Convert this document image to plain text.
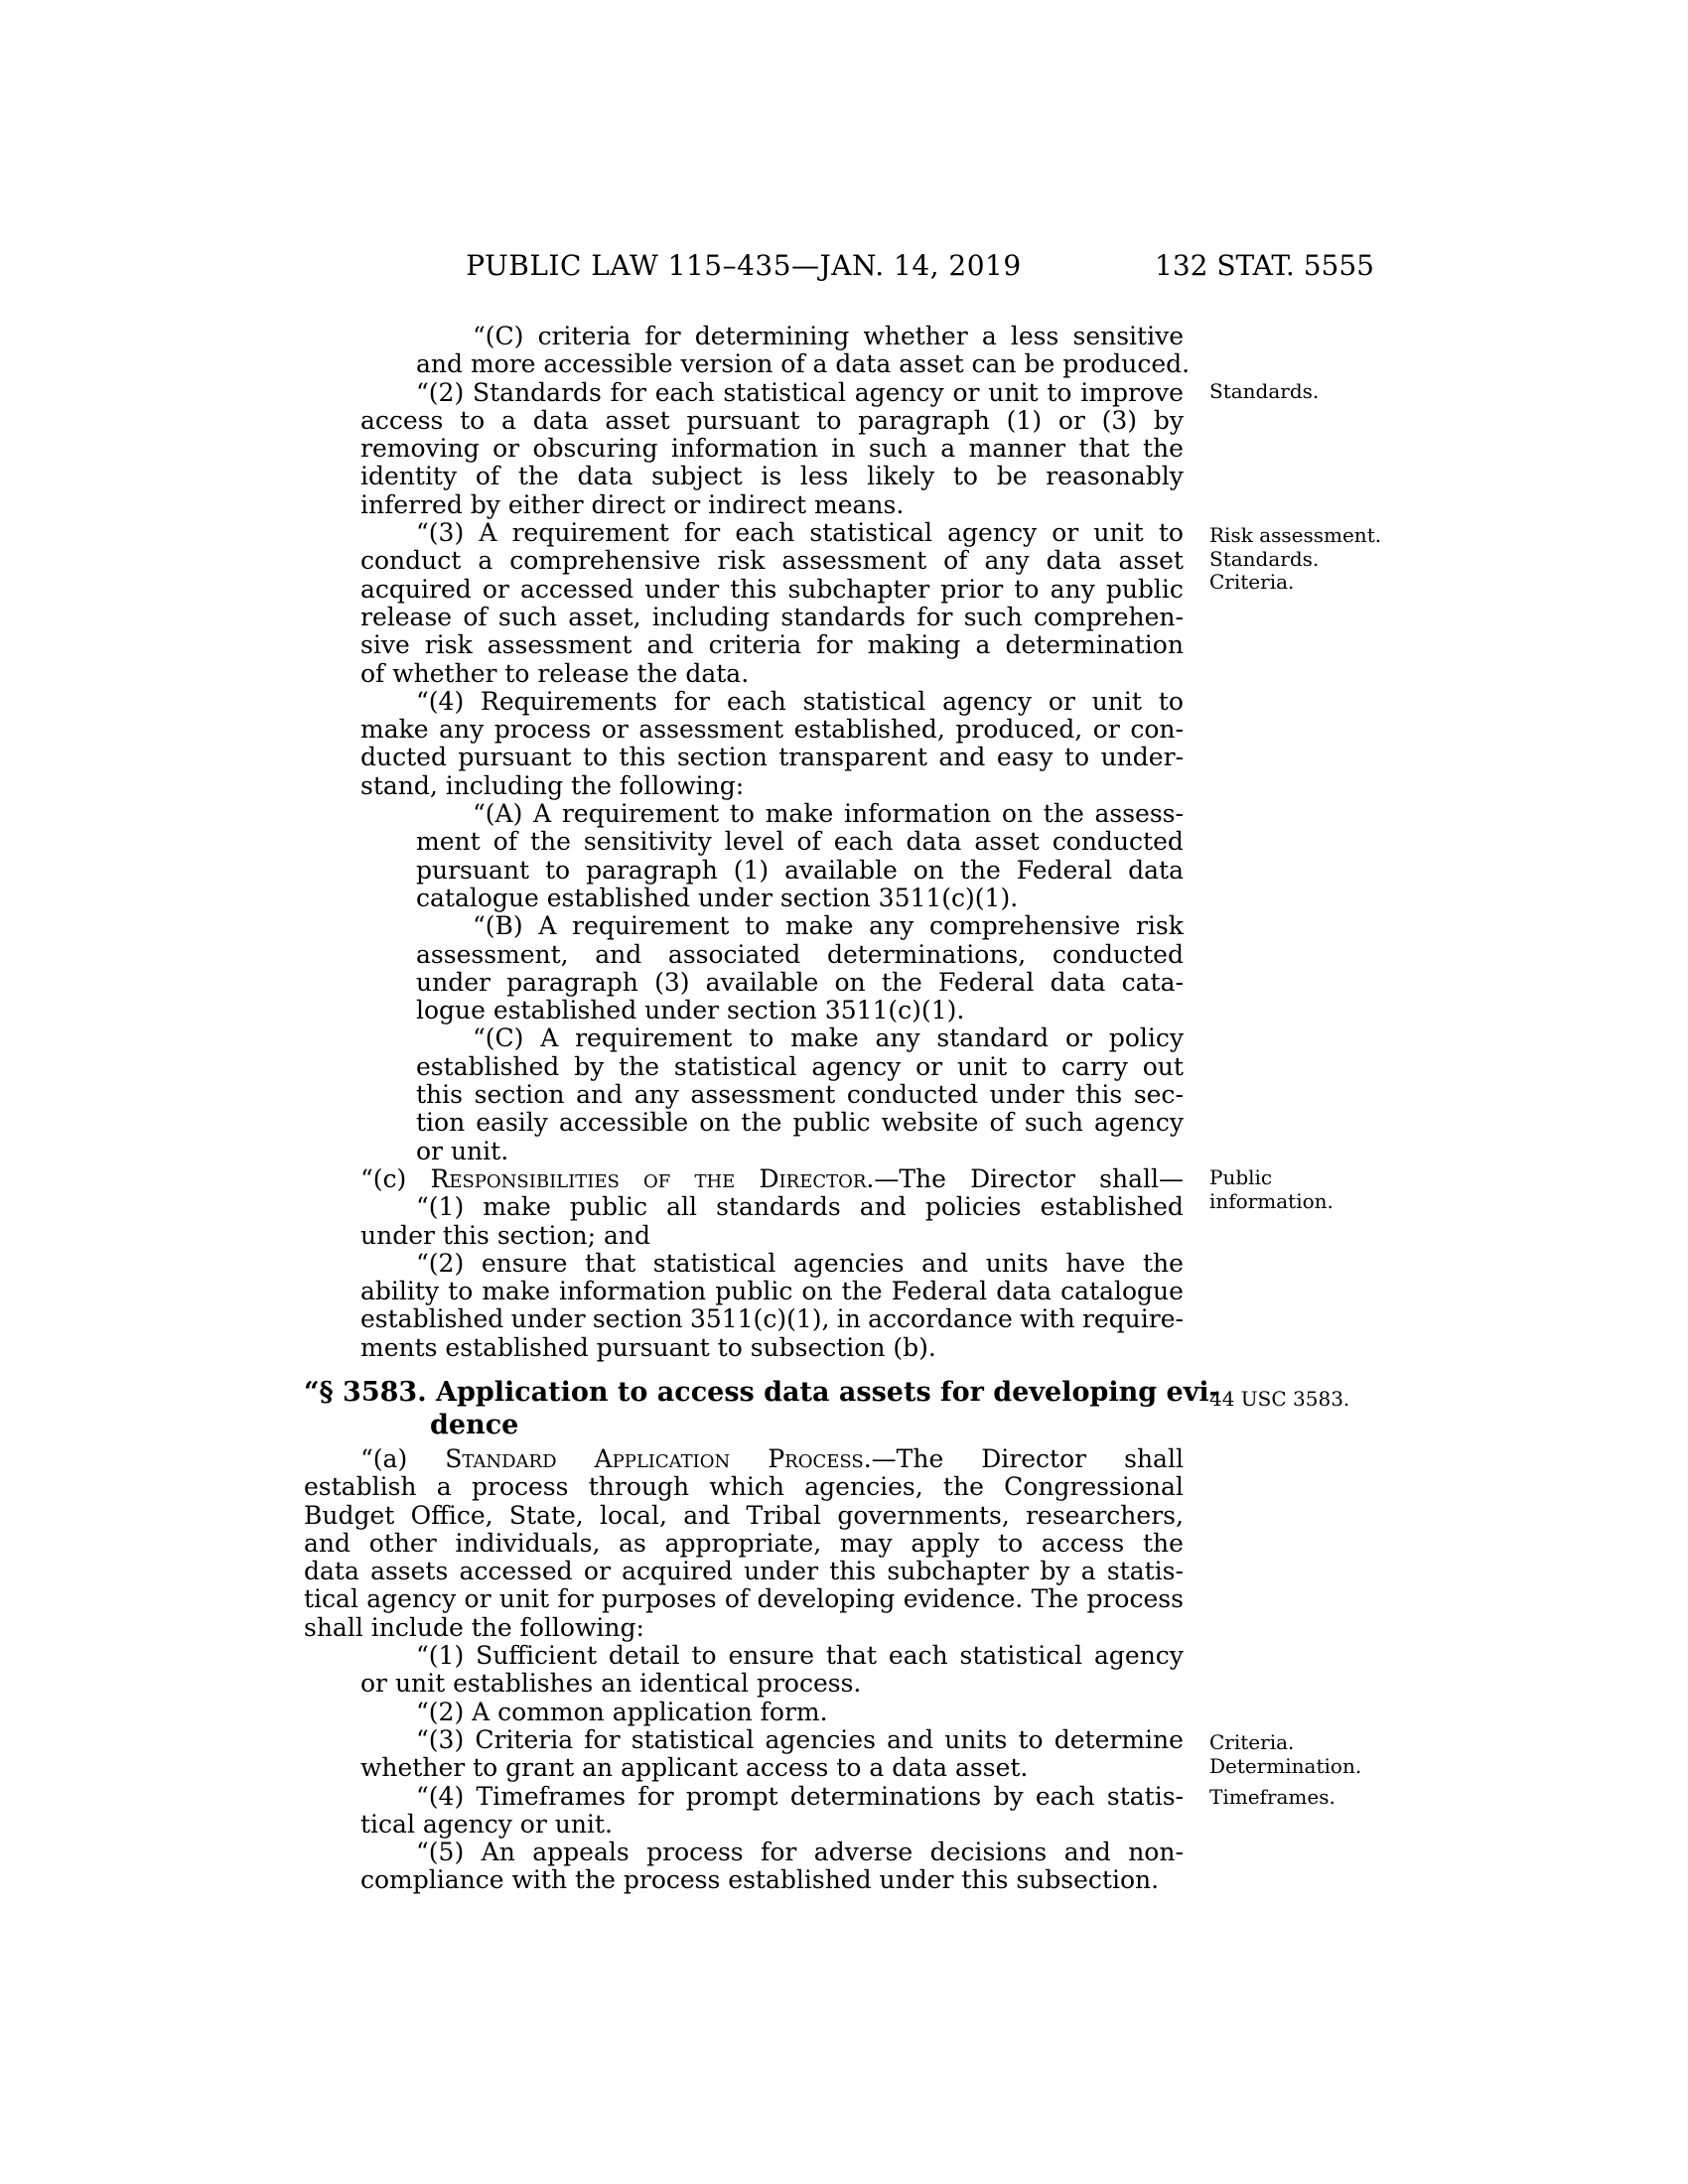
PUBLIC LAW 115–435—JAN. 14, 2019	132 STAT. 5555
“(C) criteria for determining whether a less sensitive
and more accessible version of a data asset can be produced.
“(2) Standards for each statistical agency or unit to improve
access to a data asset pursuant to paragraph (1) or (3) by
removing or obscuring information in such a manner that the
identity of the data subject is less likely to be reasonably
inferred by either direct or indirect means.
“(3) A requirement for each statistical agency or unit to
conduct a comprehensive risk assessment of any data asset
acquired or accessed under this subchapter prior to any public
release of such asset, including standards for such comprehen-
sive risk assessment and criteria for making a determination
of whether to release the data.
“(4) Requirements for each statistical agency or unit to
make any process or assessment established, produced, or con-
ducted pursuant to this section transparent and easy to under-
stand, including the following:
“(A) A requirement to make information on the assess-
ment of the sensitivity level of each data asset conducted
pursuant to paragraph (1) available on the Federal data
catalogue established under section 3511(c)(1).
“(B) A requirement to make any comprehensive risk
assessment, and associated determinations, conducted
under paragraph (3) available on the Federal data cata-
logue established under section 3511(c)(1).
“(C) A requirement to make any standard or policy
established by the statistical agency or unit to carry out
this section and any assessment conducted under this sec-
tion easily accessible on the public website of such agency
or unit.
“(c) Responsibilities of the Director.—The Director shall—
“(1) make public all standards and policies established
under this section; and
“(2) ensure that statistical agencies and units have the
ability to make information public on the Federal data catalogue
established under section 3511(c)(1), in accordance with require-
ments established pursuant to subsection (b).
“§ 3583. Application to access data assets for developing evi-
dence
“(a) Standard Application Process.—The Director shall
establish a process through which agencies, the Congressional
Budget Office, State, local, and Tribal governments, researchers,
and other individuals, as appropriate, may apply to access the
data assets accessed or acquired under this subchapter by a statis-
tical agency or unit for purposes of developing evidence. The process
shall include the following:
“(1) Sufficient detail to ensure that each statistical agency
or unit establishes an identical process.
“(2) A common application form.
“(3) Criteria for statistical agencies and units to determine
whether to grant an applicant access to a data asset.
“(4) Timeframes for prompt determinations by each statis-
tical agency or unit.
“(5) An appeals process for adverse decisions and non-
compliance with the process established under this subsection.
Standards.
Risk assessment.
Standards.
Criteria.
Public
information.
44 USC 3583.
Criteria.
Determination.
Timeframes.
